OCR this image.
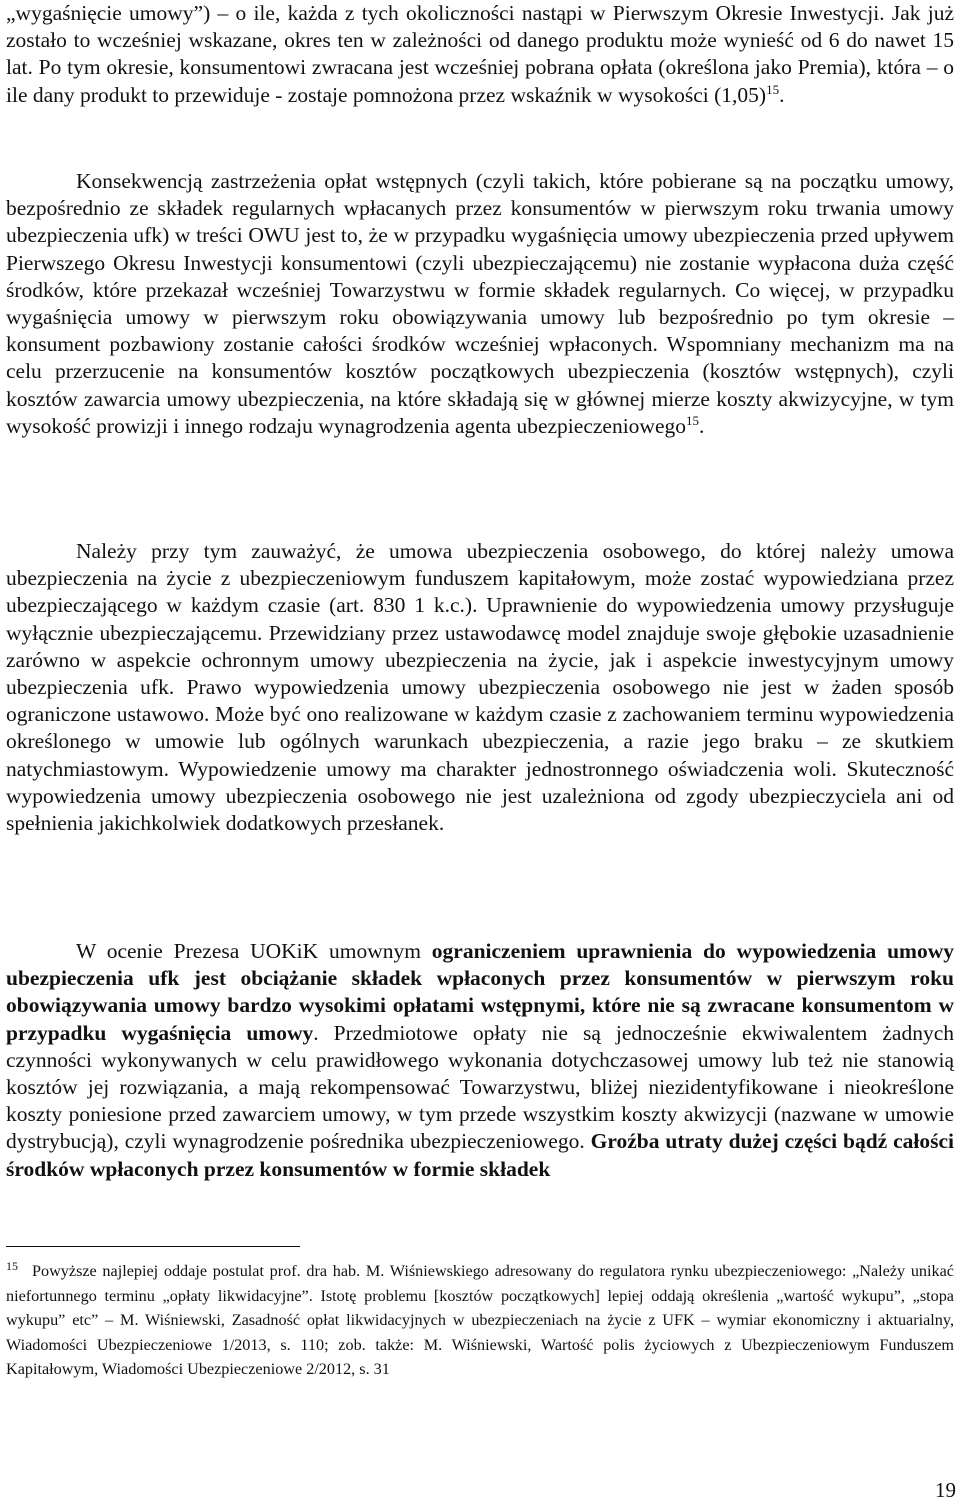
„wygaśnięcie umowy”) – o ile, każda z tych okoliczności nastąpi w Pierwszym Okresie Inwestycji. Jak już zostało to wcześniej wskazane, okres ten w zależności od danego produktu może wynieść od 6 do nawet 15 lat. Po tym okresie, konsumentowi zwracana jest wcześniej pobrana opłata (określona jako Premia), która – o ile dany produkt to przewiduje - zostaje pomnożona przez wskaźnik w wysokości $(1,05)^{15}$.

Konsekwencją zastrzeżenia opłat wstępnych (czyli takich, które pobierane są na początku umowy, bezpośrednio ze składek regularnych wpłacanych przez konsumentów w pierwszym roku trwania umowy ubezpieczenia ufk) w treści OWU jest to, że w przypadku wygaśnięcia umowy ubezpieczenia przed upływem Pierwszego Okresu Inwestycji konsumentowi (czyli ubezpieczającemu) nie zostanie wypłacona duża część środków, które przekazał wcześniej Towarzystwu w formie składek regularnych. Co więcej, w przypadku wygaśnięcia umowy w pierwszym roku obowiązywania umowy lub bezpośrednio po tym okresie – konsument pozbawiony zostanie całości środków wcześniej wpłaconych. Wspomniany mechanizm ma na celu przerzucenie na konsumentów kosztów początkowych ubezpieczenia (kosztów wstępnych), czyli kosztów zawarcia umowy ubezpieczenia, na które składają się w głównej mierze koszty akwizycyjne, w tym wysokość prowizji i innego rodzaju wynagrodzenia agenta ubezpieczeniowego$^{15}$.

Należy przy tym zauważyć, że umowa ubezpieczenia osobowego, do której należy umowa ubezpieczenia na życie z ubezpieczeniowym funduszem kapitałowym, może zostać wypowiedziana przez ubezpieczającego w każdym czasie (art. 830 1 k.c.). Uprawnienie do wypowiedzenia umowy przysługuje wyłącznie ubezpieczającemu. Przewidziany przez ustawodawcę model znajduje swoje głębokie uzasadnienie zarówno w aspekcie ochronnym umowy ubezpieczenia na życie, jak i aspekcie inwestycyjnym umowy ubezpieczenia ufk. Prawo wypowiedzenia umowy ubezpieczenia osobowego nie jest w żaden sposób ograniczone ustawowo. Może być ono realizowane w każdym czasie z zachowaniem terminu wypowiedzenia określonego w umowie lub ogólnych warunkach ubezpieczenia, a razie jego braku – ze skutkiem natychmiastowym. Wypowiedzenie umowy ma charakter jednostronnego oświadczenia woli. Skuteczność wypowiedzenia umowy ubezpieczenia osobowego nie jest uzależniona od zgody ubezpieczyciela ani od spełnienia jakichkolwiek dodatkowych przesłanek.

W ocenie Prezesa UOKiK umownym ograniczeniem uprawnienia do wypowiedzenia umowy ubezpieczenia ufk jest obciążanie składek wpłaconych przez konsumentów w pierwszym roku obowiązywania umowy bardzo wysokimi opłatami wstępnymi, które nie są zwracane konsumentom w przypadku wygaśnięcia umowy. Przedmiotowe opłaty nie są jednocześnie ekwiwalentem żadnych czynności wykonywanych w celu prawidłowego wykonania dotychczasowej umowy lub też nie stanowią kosztów jej rozwiązania, a mają rekompensować Towarzystwu, bliżej niezidentyfikowane i nieokreślone koszty poniesione przed zawarciem umowy, w tym przede wszystkim koszty akwizycji (nazwane w umowie dystrybucją), czyli wynagrodzenie pośrednika ubezpieczeniowego. Groźba utraty dużej części bądź całości środków wpłaconych przez konsumentów w formie składek

$^{15}$ Powyższe najlepiej oddaje postulat prof. dra hab. M. Wiśniewskiego adresowany do regulatora rynku ubezpieczeniowego: „Należy unikać niefortunnego terminu „opłaty likwidacyjne”. Istotę problemu [kosztów początkowych] lepiej oddają określenia „wartość wykupu”, „stopa wykupu” etc” – M. Wiśniewski, Zasadność opłat likwidacyjnych w ubezpieczeniach na życie z UFK – wymiar ekonomiczny i aktuarialny, Wiadomości Ubezpieczeniowe 1/2013, s. 110; zob. także: M. Wiśniewski, Wartość polis życiowych z Ubezpieczeniowym Funduszem Kapitałowym, Wiadomości Ubezpieczeniowe 2/2012, s. 31

19
